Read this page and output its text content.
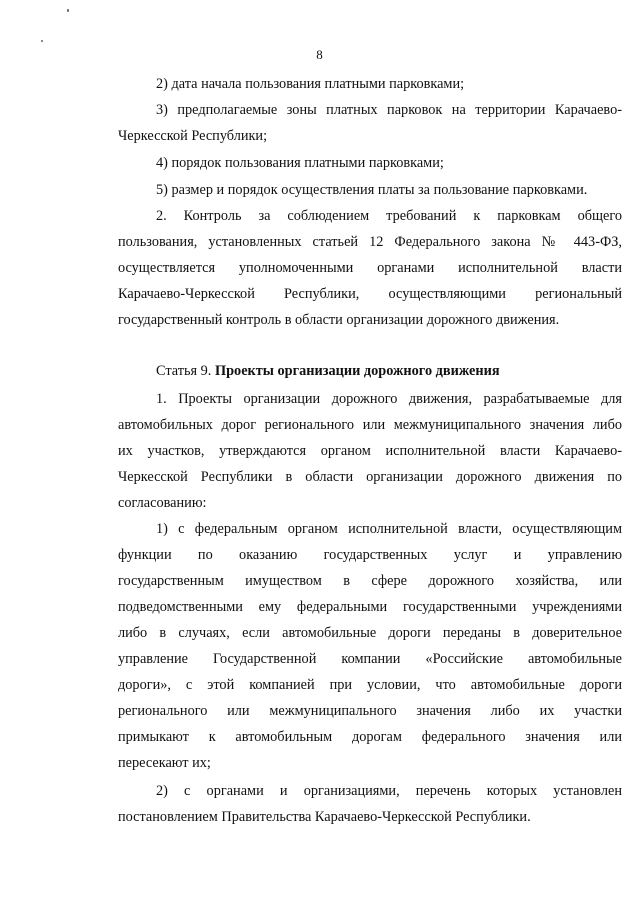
8
2) дата начала пользования платными парковками;
3) предполагаемые зоны платных парковок на территории Карачаево-
Черкесской Республики;
4) порядок пользования платными парковками;
5) размер и порядок осуществления платы за пользование парковками.
2. Контроль за соблюдением требований к парковкам общего
пользования, установленных статьей 12 Федерального закона № 443-ФЗ,
осуществляется уполномоченными органами исполнительной власти
Карачаево-Черкесской Республики, осуществляющими региональный
государственный контроль в области организации дорожного движения.
Статья 9. Проекты организации дорожного движения
1. Проекты организации дорожного движения, разрабатываемые для
автомобильных дорог регионального или межмуниципального значения либо
их участков, утверждаются органом исполнительной власти Карачаево-
Черкесской Республики в области организации дорожного движения по
согласованию:
1) с федеральным органом исполнительной власти, осуществляющим
функции по оказанию государственных услуг и управлению
государственным имуществом в сфере дорожного хозяйства, или
подведомственными ему федеральными государственными учреждениями
либо в случаях, если автомобильные дороги переданы в доверительное
управление Государственной компании «Российские автомобильные
дороги», с этой компанией при условии, что автомобильные дороги
регионального или межмуниципального значения либо их участки
примыкают к автомобильным дорогам федерального значения или
пересекают их;
2) с органами и организациями, перечень которых установлен
постановлением Правительства Карачаево-Черкесской Республики.
